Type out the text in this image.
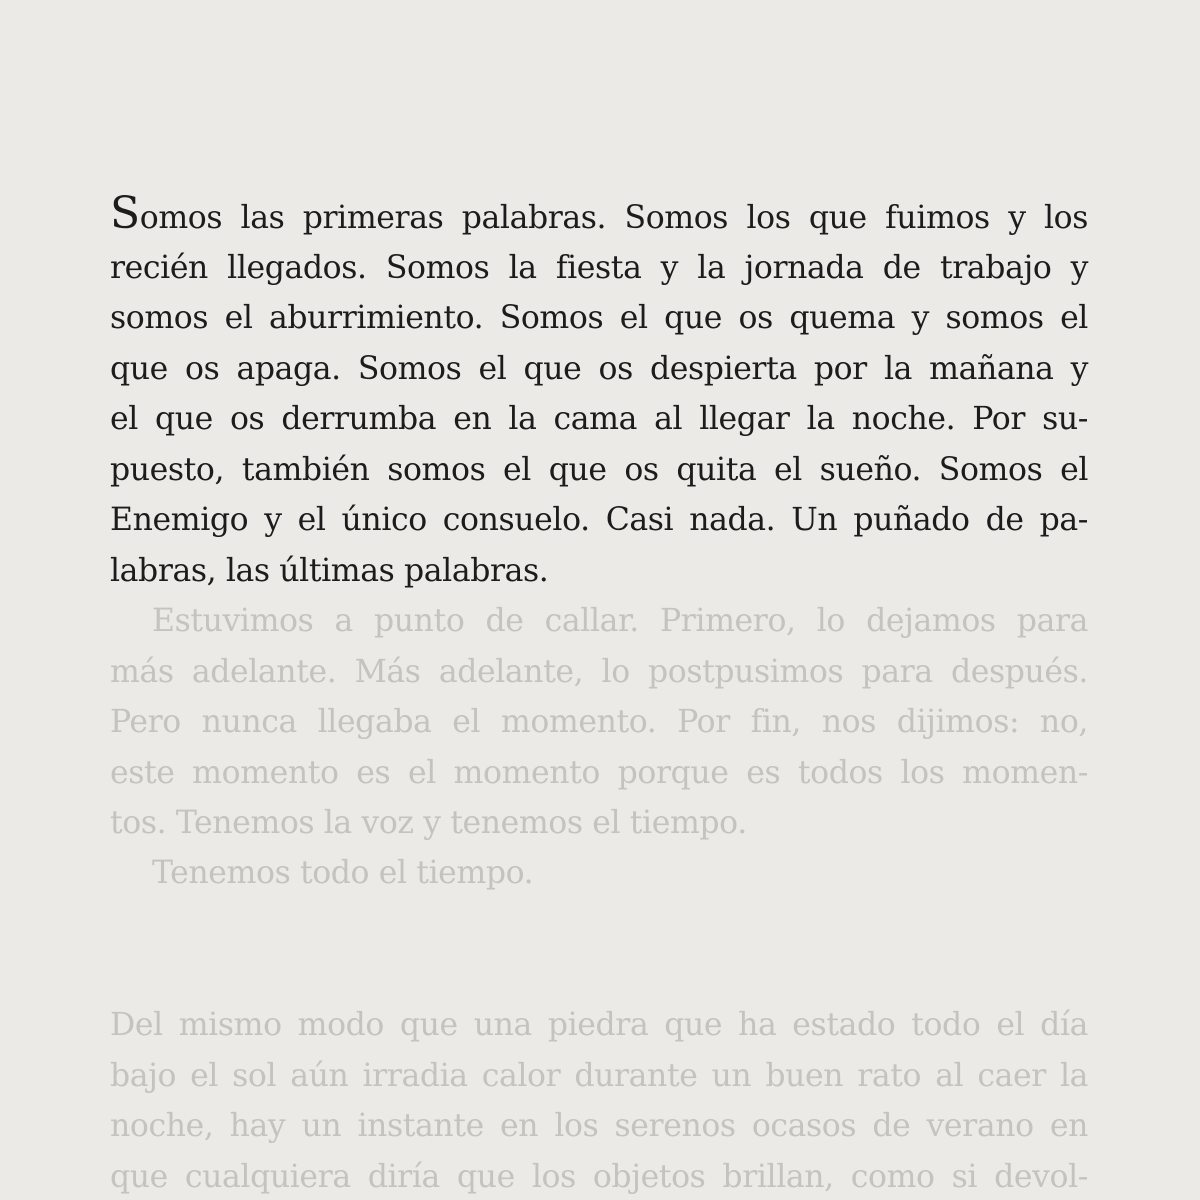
Somos las primeras palabras. Somos los que fuimos y los
recién llegados. Somos la fiesta y la jornada de trabajo y
somos el aburrimiento. Somos el que os quema y somos el
que os apaga. Somos el que os despierta por la mañana y
el que os derrumba en la cama al llegar la noche. Por su-
puesto, también somos el que os quita el sueño. Somos el
Enemigo y el único consuelo. Casi nada. Un puñado de pa-
labras, las últimas palabras.
Estuvimos a punto de callar. Primero, lo dejamos para
más adelante. Más adelante, lo postpusimos para después.
Pero nunca llegaba el momento. Por fin, nos dijimos: no,
este momento es el momento porque es todos los momen-
tos. Tenemos la voz y tenemos el tiempo.
Tenemos todo el tiempo.
Del mismo modo que una piedra que ha estado todo el día
bajo el sol aún irradia calor durante un buen rato al caer la
noche, hay un instante en los serenos ocasos de verano en
que cualquiera diría que los objetos brillan, como si devol-
